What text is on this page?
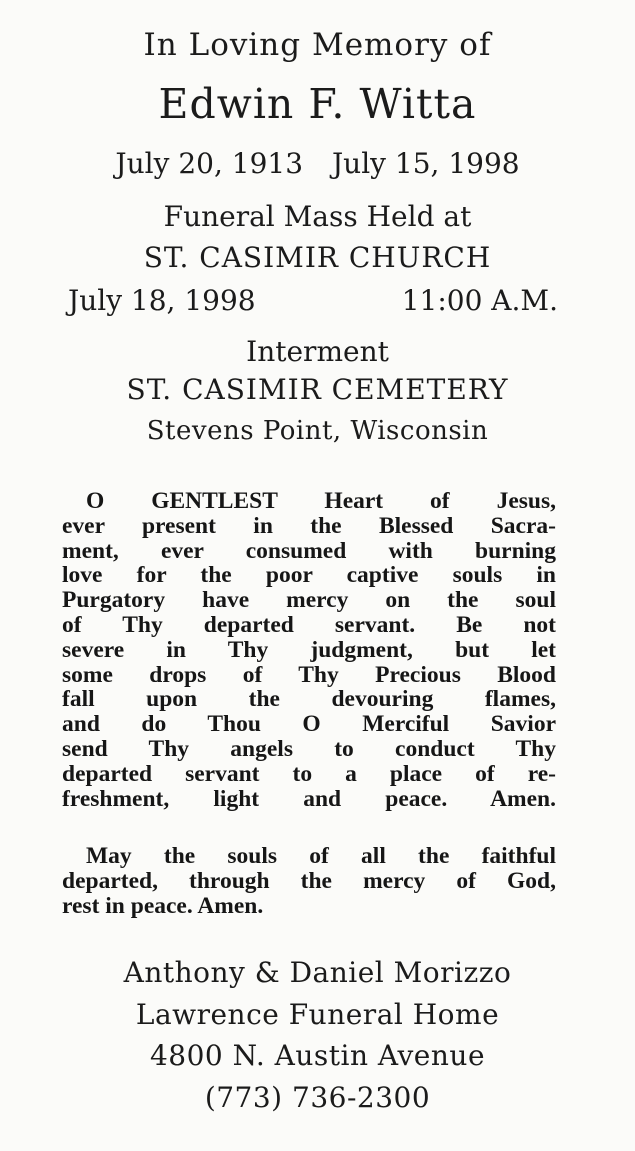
In Loving Memory of
Edwin F. Witta
July 20, 1913 July 15, 1998
Funeral Mass Held at
ST. CASIMIR CHURCH
July 18, 1998	11:00 A.M.
Interment
ST. CASIMIR CEMETERY
Stevens Point, Wisconsin
O GENTLEST Heart of Jesus,
ever present in the Blessed Sacra-
ment, ever consumed with burning
love for the poor captive souls in
Purgatory have mercy on the soul
of Thy departed servant. Be not
severe in Thy judgment, but let
some drops of Thy Precious Blood
fall upon the devouring flames,
and do Thou O Merciful Savior
send Thy angels to conduct Thy
departed servant to a place of re-
freshment, light and peace. Amen.
May the souls of all the faithful
departed, through the mercy of God,
rest in peace. Amen.
Anthony & Daniel Morizzo
Lawrence Funeral Home
4800 N. Austin Avenue
(773) 736-2300
